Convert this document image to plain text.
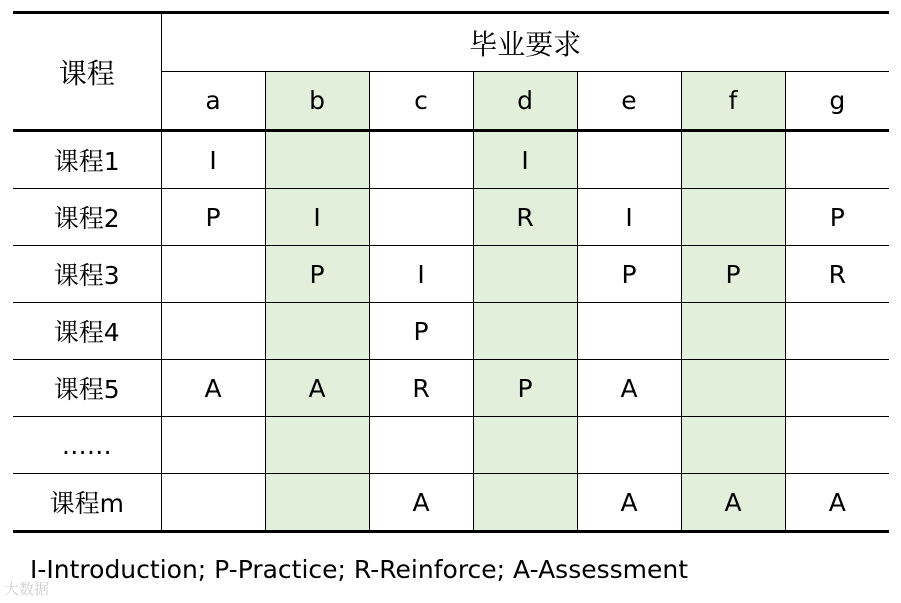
课程	毕业要求						
	a	b	c	d	e	f	g
课程1	I			I			
课程2	P	I		R	I		P
课程3		P	I		P	P	R
课程4			P				
课程5	A	A	R	P	A		
……							
课程m			A		A	A	A
I-Introduction; P-Practice; R-Reinforce; A-Assessment
大数据
